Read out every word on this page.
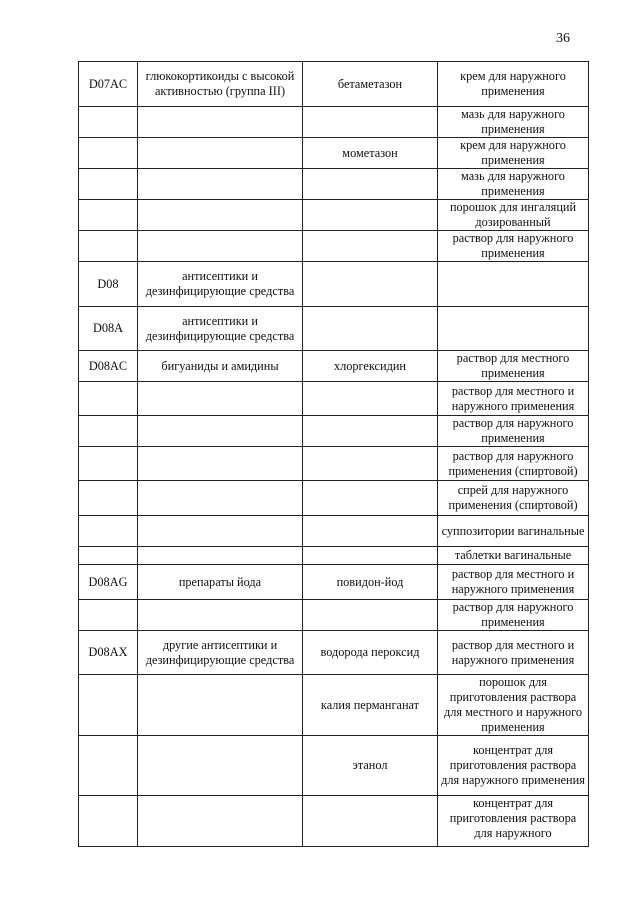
36
D07AC	глюкокортикоиды с высокой активностью (группа III)	бетаметазон	крем для наружного применения
			мазь для наружного применения
		мометазон	крем для наружного применения
			мазь для наружного применения
			порошок для ингаляций дозированный
			раствор для наружного применения
D08	антисептики и дезинфицирующие средства		
D08A	антисептики и дезинфицирующие средства		
D08AC	бигуаниды и амидины	хлоргексидин	раствор для местного применения
			раствор для местного и наружного применения
			раствор для наружного применения
			раствор для наружного применения (спиртовой)
			спрей для наружного применения (спиртовой)
			суппозитории вагинальные
			таблетки вагинальные
D08AG	препараты йода	повидон-йод	раствор для местного и наружного применения
			раствор для наружного применения
D08AX	другие антисептики и дезинфицирующие средства	водорода пероксид	раствор для местного и наружного применения
		калия перманганат	порошок для приготовления раствора для местного и наружного применения
		этанол	концентрат для приготовления раствора для наружного применения
			концентрат для приготовления раствора для наружного
